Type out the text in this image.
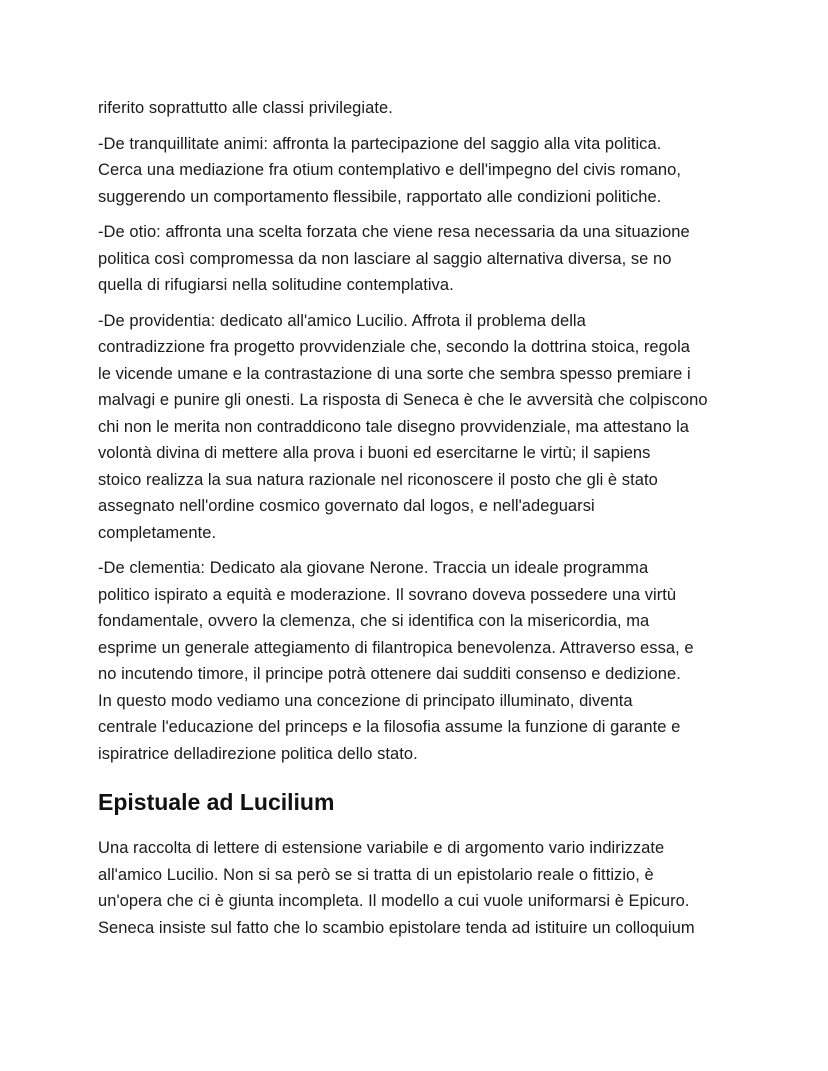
riferito soprattutto alle classi privilegiate.

-De tranquillitate animi: affronta la partecipazione del saggio alla vita politica.
Cerca una mediazione fra otium contemplativo e dell'impegno del civis romano,
suggerendo un comportamento flessibile, rapportato alle condizioni politiche.

-De otio: affronta una scelta forzata che viene resa necessaria da una situazione
politica così compromessa da non lasciare al saggio alternativa diversa, se no
quella di rifugiarsi nella solitudine contemplativa.

-De providentia: dedicato all'amico Lucilio. Affrota il problema della
contradizzione fra progetto provvidenziale che, secondo la dottrina stoica, regola
le vicende umane e la contrastazione di una sorte che sembra spesso premiare i
malvagi e punire gli onesti. La risposta di Seneca è che le avversità che colpiscono
chi non le merita non contraddicono tale disegno provvidenziale, ma attestano la
volontà divina di mettere alla prova i buoni ed esercitarne le virtù; il sapiens
stoico realizza la sua natura razionale nel riconoscere il posto che gli è stato
assegnato nell'ordine cosmico governato dal logos, e nell'adeguarsi
completamente.

-De clementia: Dedicato ala giovane Nerone. Traccia un ideale programma
politico ispirato a equità e moderazione. Il sovrano doveva possedere una virtù
fondamentale, ovvero la clemenza, che si identifica con la misericordia, ma
esprime un generale attegiamento di filantropica benevolenza. Attraverso essa, e
no incutendo timore, il principe potrà ottenere dai sudditi consenso e dedizione.
In questo modo vediamo una concezione di principato illuminato, diventa
centrale l'educazione del princeps e la filosofia assume la funzione di garante e
ispiratrice delladirezione politica dello stato.

Epistuale ad Lucilium

Una raccolta di lettere di estensione variabile e di argomento vario indirizzate
all'amico Lucilio. Non si sa però se si tratta di un epistolario reale o fittizio, è
un'opera che ci è giunta incompleta. Il modello a cui vuole uniformarsi è Epicuro.
Seneca insiste sul fatto che lo scambio epistolare tenda ad istituire un colloquium
